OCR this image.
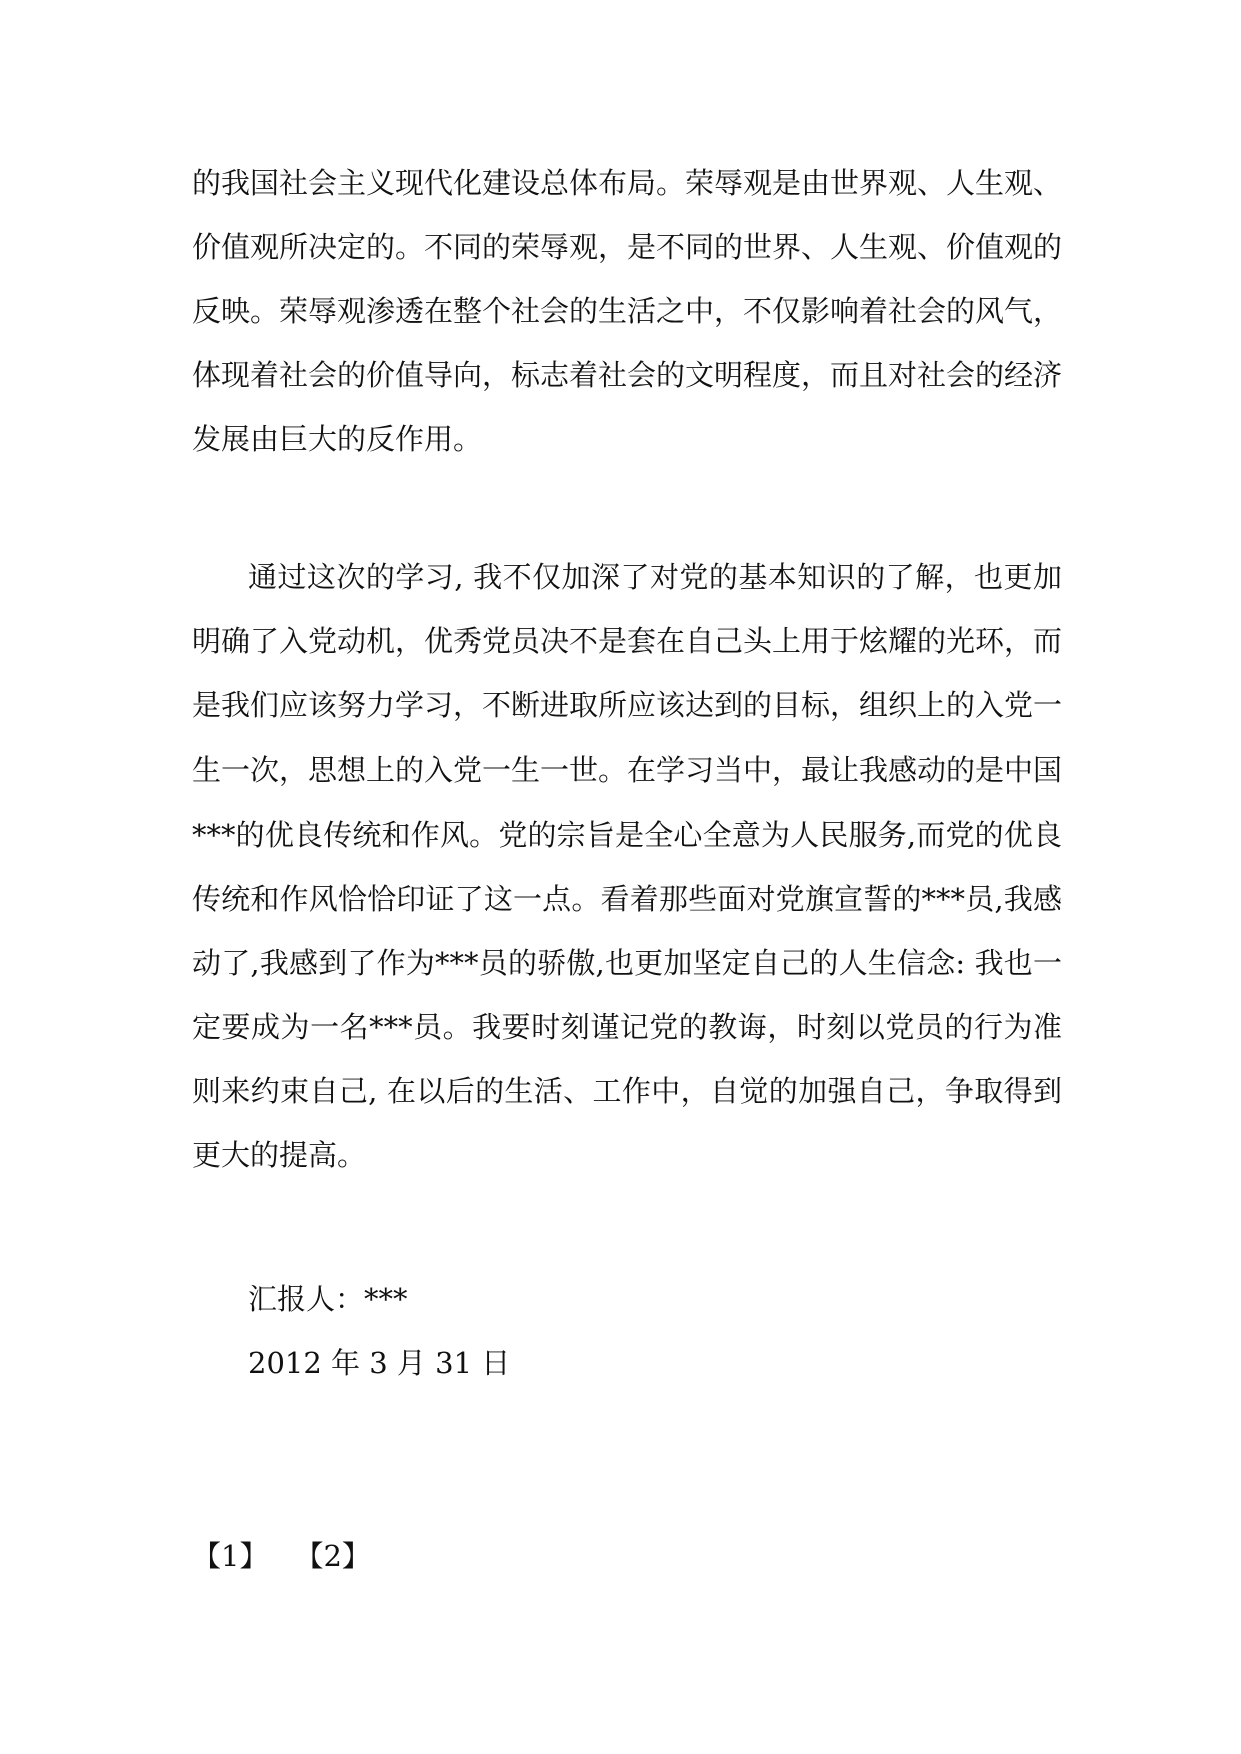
的我国社会主义现代化建设总体布局。荣辱观是由世界观、人生观、
价值观所决定的。不同的荣辱观，是不同的世界、人生观、价值观的
反映。荣辱观渗透在整个社会的生活之中，不仅影响着社会的风气，
体现着社会的价值导向，标志着社会的文明程度，而且对社会的经济
发展由巨大的反作用。
通过这次的学习, 我不仅加深了对党的基本知识的了解，也更加
明确了入党动机，优秀党员决不是套在自己头上用于炫耀的光环，而
是我们应该努力学习，不断进取所应该达到的目标，组织上的入党一
生一次，思想上的入党一生一世。在学习当中，最让我感动的是中国
***的优良传统和作风。党的宗旨是全心全意为人民服务,而党的优良
传统和作风恰恰印证了这一点。看着那些面对党旗宣誓的***员,我感
动了,我感到了作为***员的骄傲,也更加坚定自己的人生信念: 我也一
定要成为一名***员。我要时刻谨记党的教诲，时刻以党员的行为准
则来约束自己, 在以后的生活、工作中，自觉的加强自己，争取得到
更大的提高。
汇报人：***
2012 年 3 月 31 日
【1】 【2】
